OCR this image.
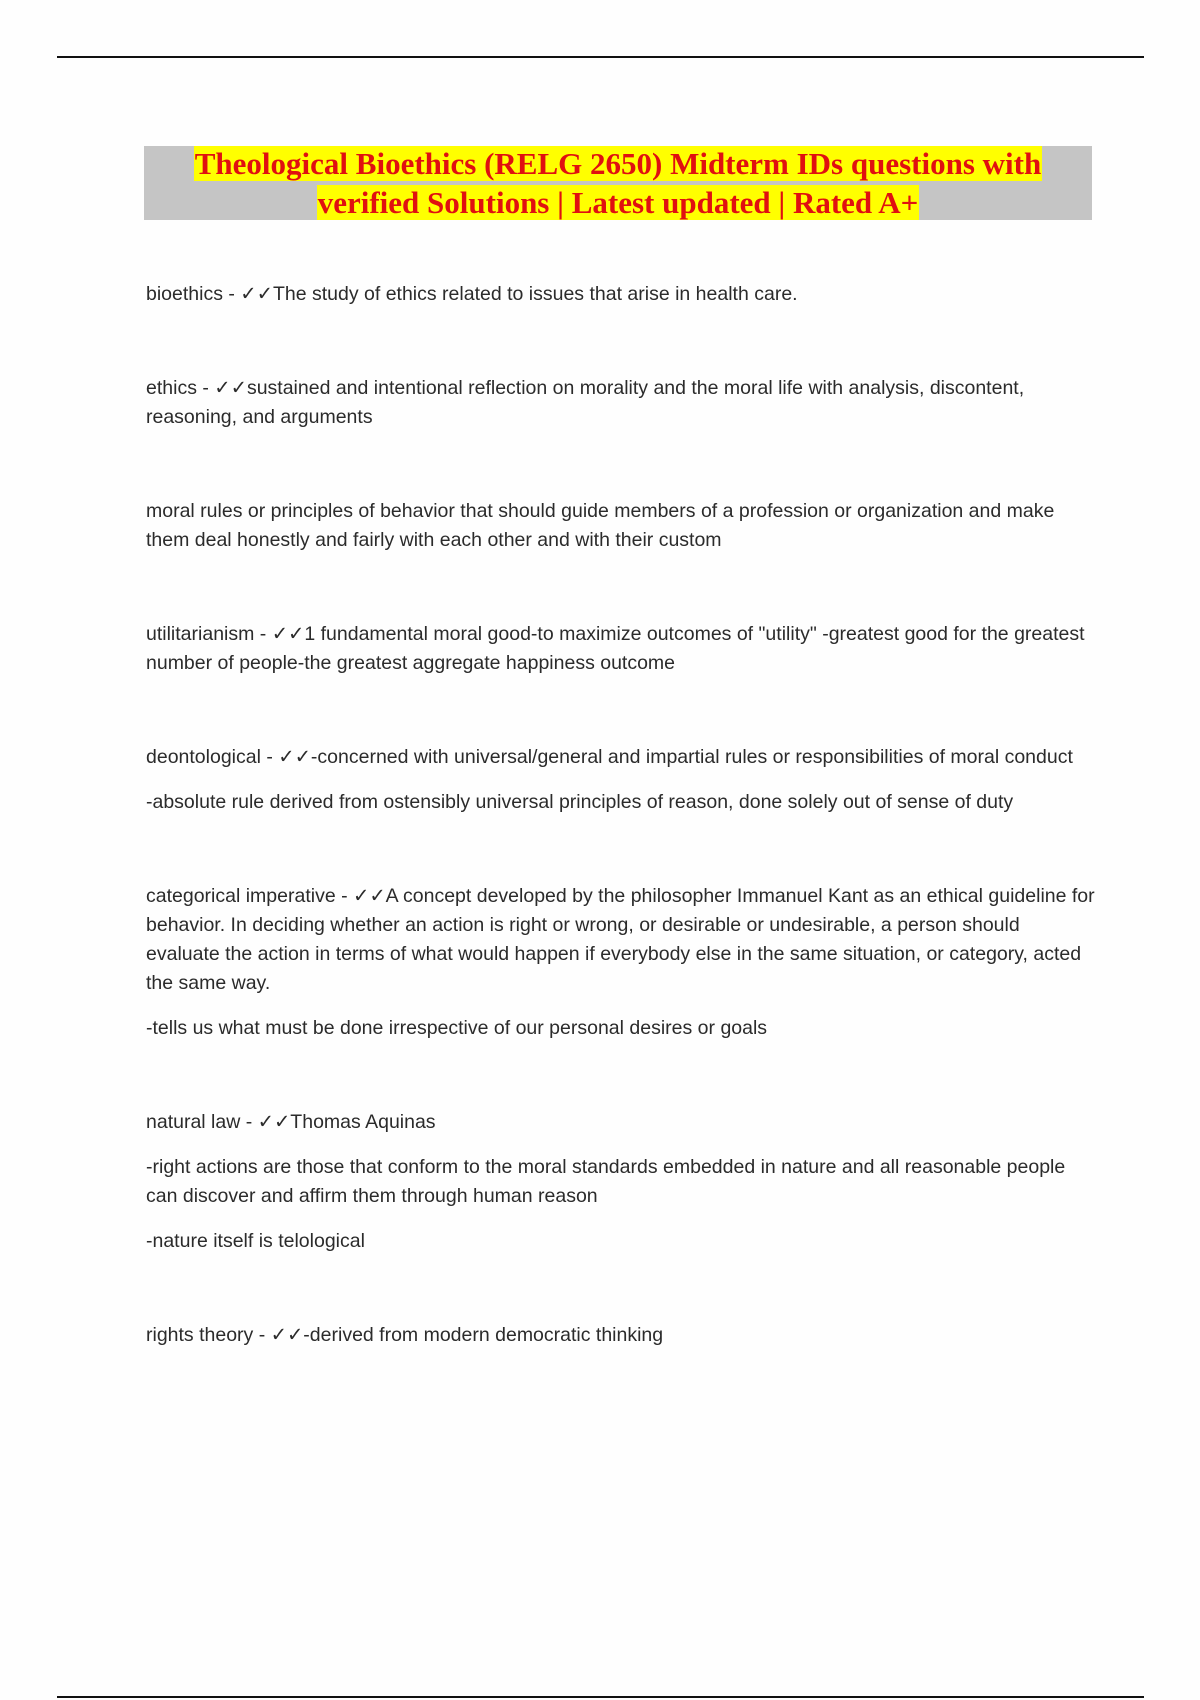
Theological Bioethics (RELG 2650) Midterm IDs questions with
verified Solutions | Latest updated | Rated A+

bioethics - ✓✓The study of ethics related to issues that arise in health care.

ethics - ✓✓sustained and intentional reflection on morality and the moral life with analysis, discontent, reasoning, and arguments

moral rules or principles of behavior that should guide members of a profession or organization and make them deal honestly and fairly with each other and with their custom

utilitarianism - ✓✓1 fundamental moral good-to maximize outcomes of "utility" -greatest good for the greatest number of people-the greatest aggregate happiness outcome

deontological - ✓✓-concerned with universal/general and impartial rules or responsibilities of moral conduct

-absolute rule derived from ostensibly universal principles of reason, done solely out of sense of duty

categorical imperative - ✓✓A concept developed by the philosopher Immanuel Kant as an ethical guideline for behavior. In deciding whether an action is right or wrong, or desirable or undesirable, a person should evaluate the action in terms of what would happen if everybody else in the same situation, or category, acted the same way.

-tells us what must be done irrespective of our personal desires or goals

natural law - ✓✓Thomas Aquinas

-right actions are those that conform to the moral standards embedded in nature and all reasonable people can discover and affirm them through human reason

-nature itself is telological

rights theory - ✓✓-derived from modern democratic thinking
